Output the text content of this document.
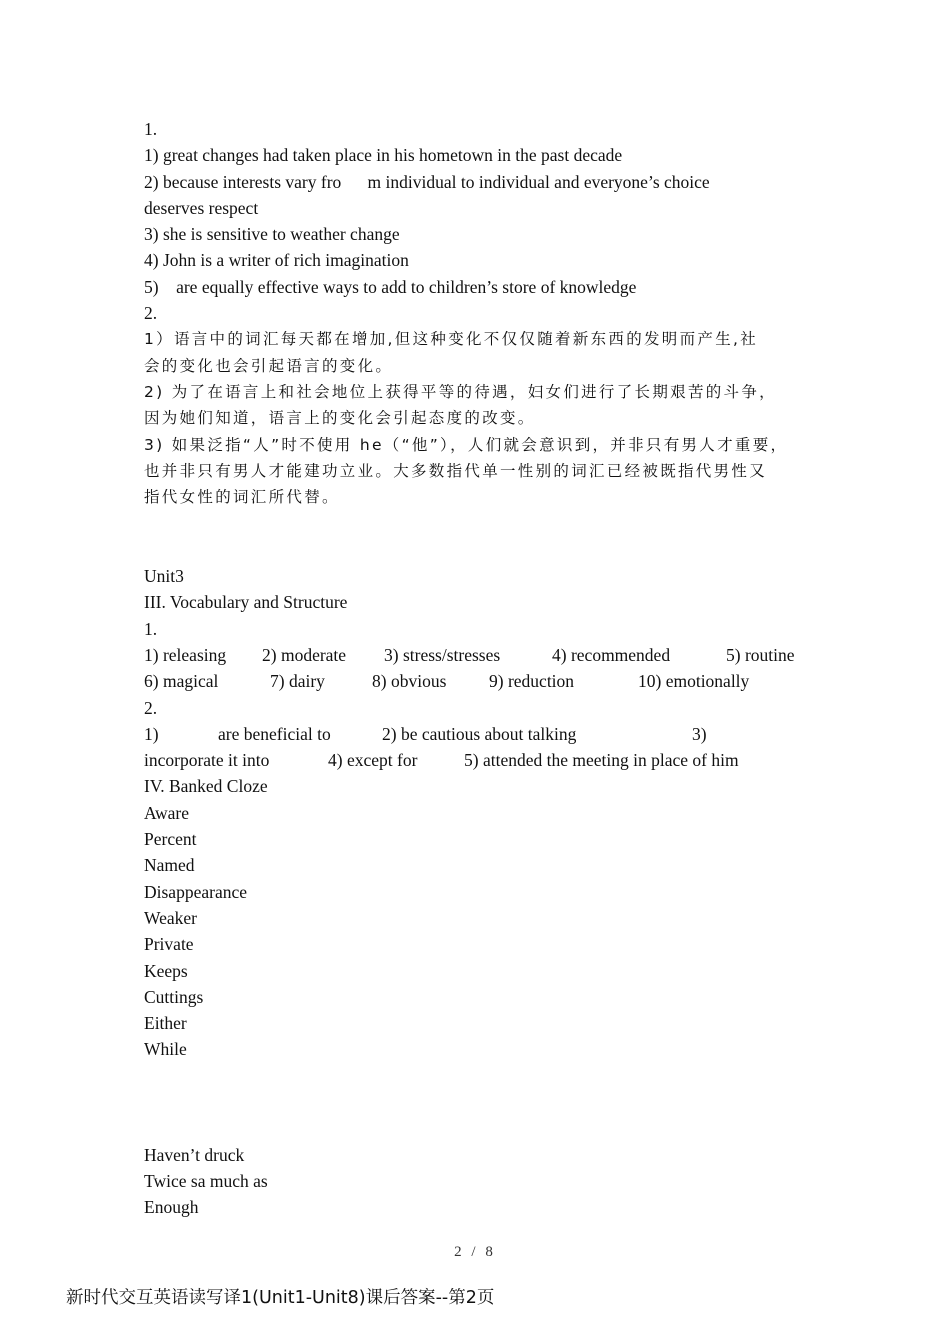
1.
1) great changes had taken place in his hometown in the past decade
2) because interests vary fro      m individual to individual and everyone’s choice
deserves respect
3) she is sensitive to weather change
4) John is a writer of rich imagination
5)    are equally effective ways to add to children’s store of knowledge
2.
1）语言中的词汇每天都在增加,但这种变化不仅仅随着新东西的发明而产生,社
会的变化也会引起语言的变化。
2) 为了在语言上和社会地位上获得平等的待遇，妇女们进行了长期艰苦的斗争，
因为她们知道，语言上的变化会引起态度的改变。
3) 如果泛指“人”时不使用 he（“他”），人们就会意识到，并非只有男人才重要，
也并非只有男人才能建功立业。大多数指代单一性别的词汇已经被既指代男性又
指代女性的词汇所代替。
Unit3
III. Vocabulary and Structure
1.
1) releasing 2) moderate 3) stress/stresses	4) recommended	5) routine
6) magical	7) dairy	8) obvious 9) reduction	10) emotionally
2.
1)	are beneficial to	2) be cautious about talking	3)
incorporate it into	4) except for	5) attended the meeting in place of him
IV. Banked Cloze
Aware
Percent
Named
Disappearance
Weaker
Private
Keeps
Cuttings
Either
While
Haven’t druck
Twice sa much as
Enough
2 / 8
新时代交互英语读写译1(Unit1-Unit8)课后答案--第2页
